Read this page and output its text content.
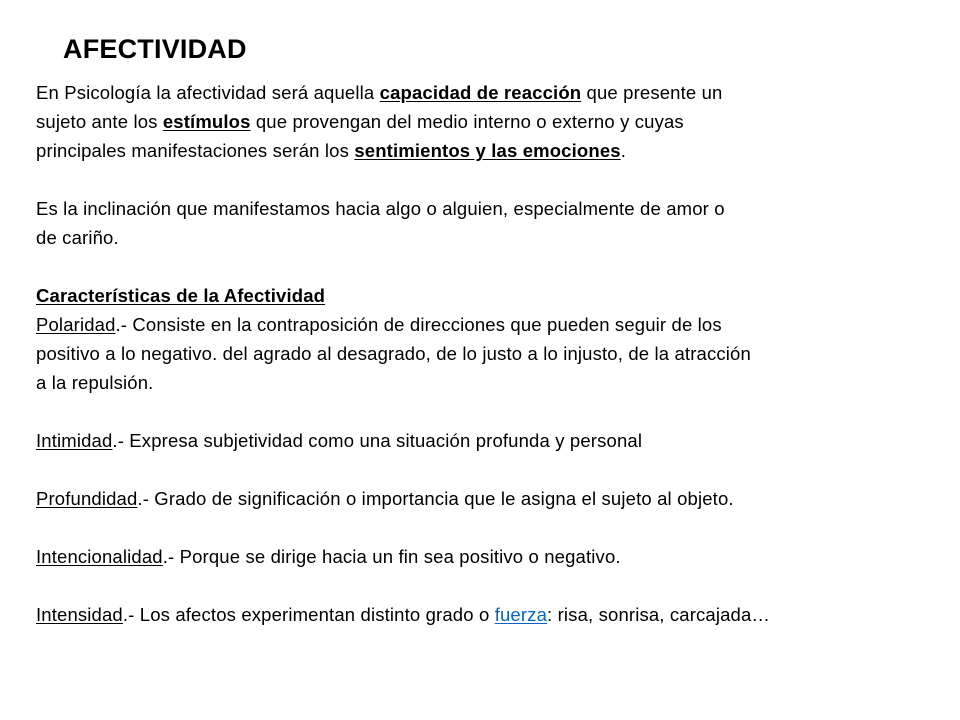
AFECTIVIDAD
En Psicología la afectividad será aquella capacidad de reacción que presente un
sujeto ante los estímulos que provengan del medio interno o externo y cuyas
principales manifestaciones serán los sentimientos y las emociones.
Es la inclinación que manifestamos hacia algo o alguien, especialmente de amor o
de cariño.
Características de la Afectividad
Polaridad.- Consiste en la contraposición de direcciones que pueden seguir de los
positivo a lo negativo. del agrado al desagrado, de lo justo a lo injusto, de la atracción
a la repulsión.
Intimidad.- Expresa subjetividad como una situación profunda y personal
Profundidad.- Grado de significación o importancia que le asigna el sujeto al objeto.
Intencionalidad.- Porque se dirige hacia un fin sea positivo o negativo.
Intensidad.- Los afectos experimentan distinto grado o fuerza: risa, sonrisa, carcajada…
